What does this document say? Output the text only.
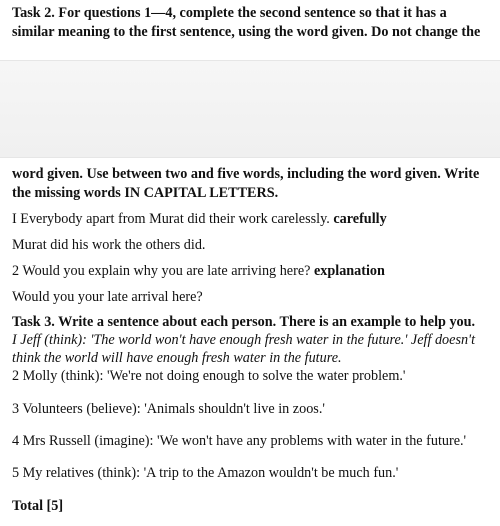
Task 2. For questions 1—4, complete the second sentence so that it has a
similar meaning to the first sentence, using the word given. Do not change the
word given. Use between two and five words, including the word given. Write
the missing words IN CAPITAL LETTERS.
I Everybody apart from Murat did their work carelessly. carefully
Murat did his work the others did.
2 Would you explain why you are late arriving here? explanation
Would you your late arrival here?
Task 3. Write a sentence about each person. There is an example to help you.
I Jeff (think): 'The world won't have enough fresh water in the future.' Jeff doesn't
think the world will have enough fresh water in the future.
2 Molly (think): 'We're not doing enough to solve the water problem.'
3 Volunteers (believe): 'Animals shouldn't live in zoos.'
4 Mrs Russell (imagine): 'We won't have any problems with water in the future.'
5 My relatives (think): 'A trip to the Amazon wouldn't be much fun.'
Total [5]
